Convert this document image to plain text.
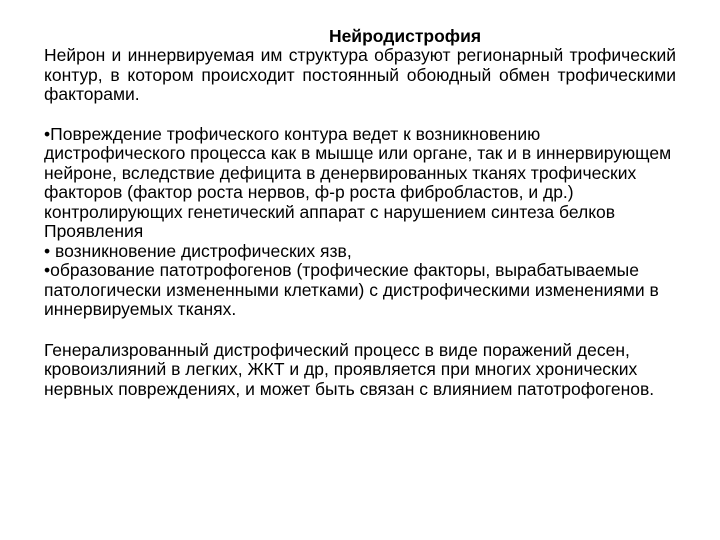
Нейродистрофия
Нейрон и иннервируемая им структура образуют регионарный трофический контур, в котором происходит постоянный обоюдный обмен трофическими факторами.
•Повреждение трофического контура ведет к возникновению дистрофического процесса как в мышце или органе, так и в иннервирующем нейроне, вследствие дефицита в денервированных тканях трофических факторов (фактор роста нервов, ф-р роста фибробластов, и др.) контролирующих генетический аппарат с нарушением синтеза белков
Проявления
• возникновение дистрофических язв,
•образование патотрофогенов (трофические факторы, вырабатываемые патологически измененными клетками) с дистрофическими изменениями в иннервируемых тканях.
Генерализрованный дистрофический процесс в виде поражений десен, кровоизлияний в легких, ЖКТ и др, проявляется при многих хронических нервных повреждениях, и может быть связан с влиянием патотрофогенов.
